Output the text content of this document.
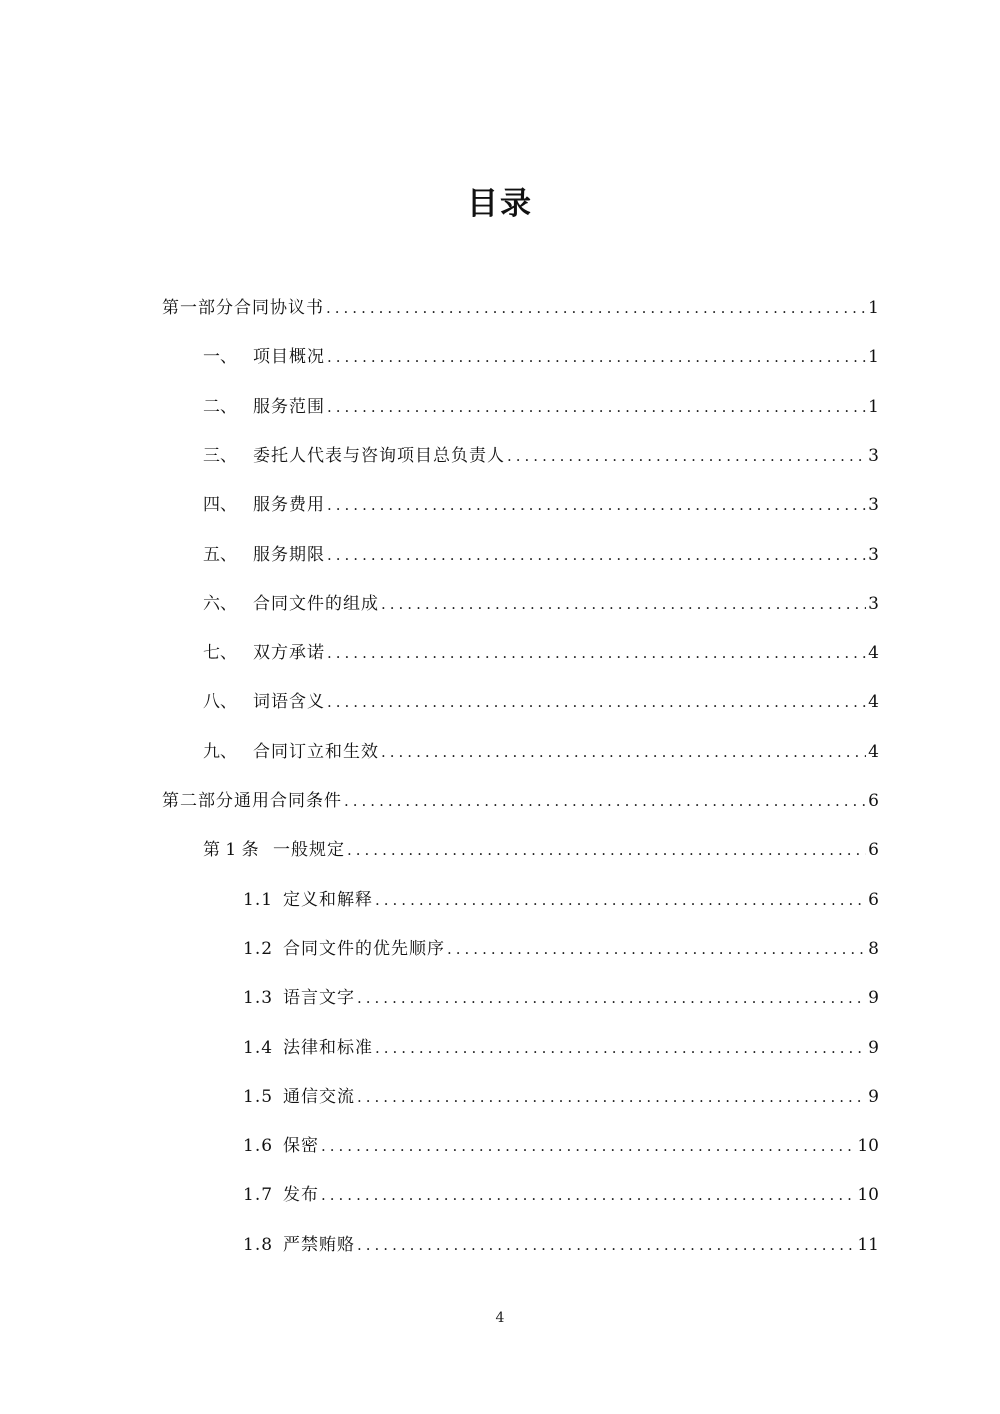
目录
第一部分合同协议书 .....	1
一、 项目概况 .....	1
二、 服务范围 .....	1
三、 委托人代表与咨询项目总负责人 .....	3
四、 服务费用 .....	3
五、 服务期限 .....	3
六、 合同文件的组成 .....	3
七、 双方承诺 .....	4
八、 词语含义 .....	4
九、 合同订立和生效 .....	4
第二部分通用合同条件 .....	6
第 1 条 一般规定 .....	6
1.1 定义和解释 .....	6
1.2 合同文件的优先顺序 .....	8
1.3 语言文字 .....	9
1.4 法律和标准 .....	9
1.5 通信交流 .....	9
1.6 保密 .....	10
1.7 发布 .....	10
1.8 严禁贿赂 .....	11
4
